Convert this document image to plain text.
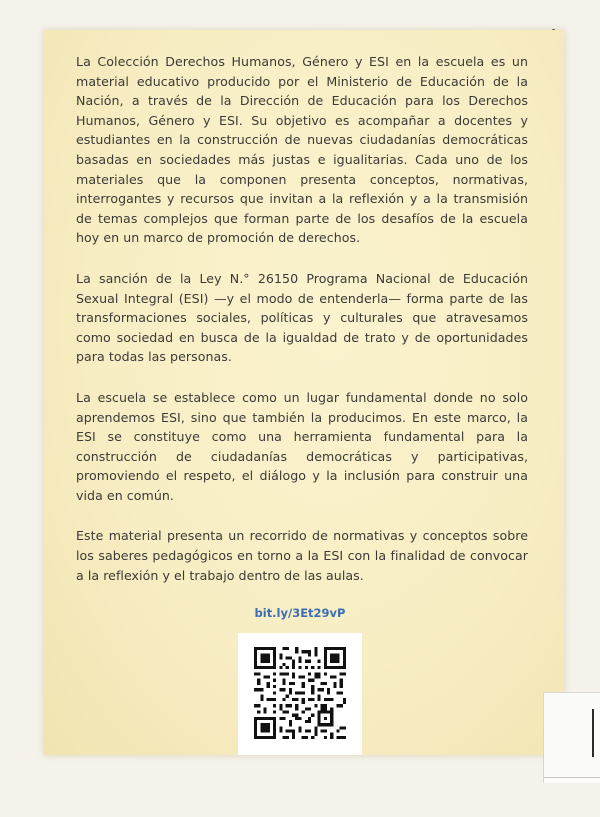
La Colección Derechos Humanos, Género y ESI en la escuela es un material educativo producido por el Ministerio de Educación de la Nación, a través de la Dirección de Educación para los Derechos Humanos, Género y ESI. Su objetivo es acompañar a docentes y estudiantes en la construcción de nuevas ciudadanías democráticas basadas en sociedades más justas e igualitarias. Cada uno de los materiales que la componen presenta conceptos, normativas, interrogantes y recursos que invitan a la reflexión y a la transmisión de temas complejos que forman parte de los desafíos de la escuela hoy en un marco de promoción de derechos.

La sanción de la Ley N.° 26150 Programa Nacional de Educación Sexual Integral (ESI) —y el modo de entenderla— forma parte de las transformaciones sociales, políticas y culturales que atravesamos como sociedad en busca de la igualdad de trato y de oportunidades para todas las personas.

La escuela se establece como un lugar fundamental donde no solo aprendemos ESI, sino que también la producimos. En este marco, la ESI se constituye como una herramienta fundamental para la construcción de ciudadanías democráticas y participativas, promoviendo el respeto, el diálogo y la inclusión para construir una vida en común.

Este material presenta un recorrido de normativas y conceptos sobre los saberes pedagógicos en torno a la ESI con la finalidad de convocar a la reflexión y el trabajo dentro de las aulas.

bit.ly/3Et29vP
